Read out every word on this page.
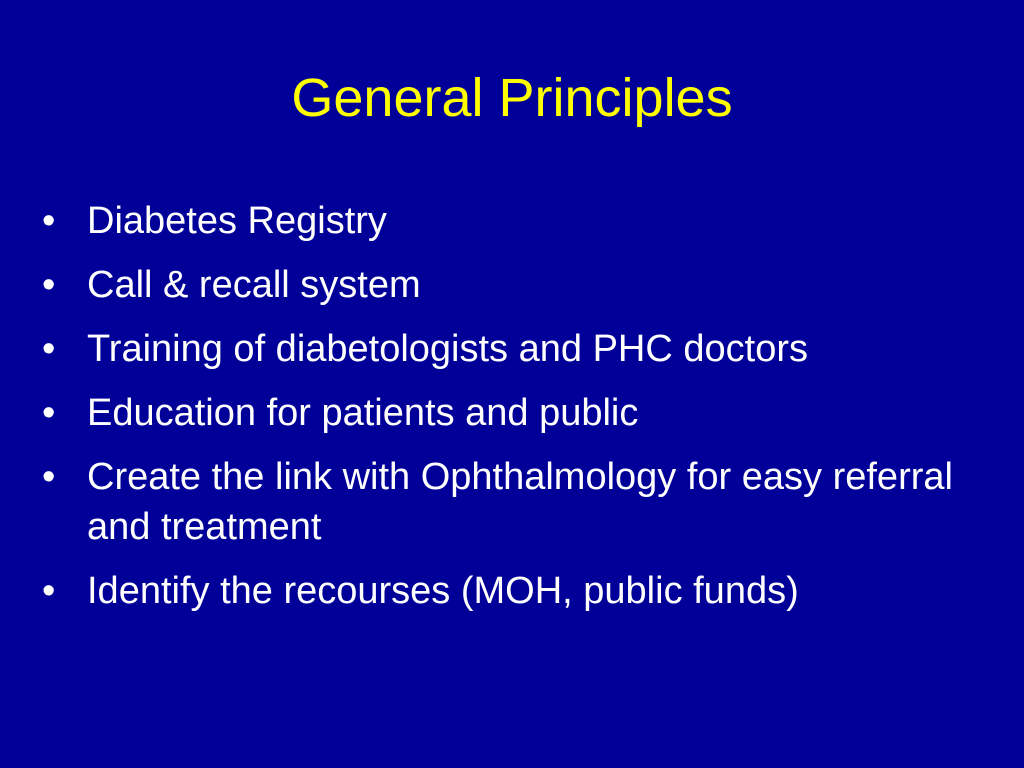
General Principles
• Diabetes Registry
• Call & recall system
• Training of diabetologists and PHC doctors
• Education for patients and public
• Create the link with Ophthalmology for easy referral and treatment
• Identify the recourses (MOH, public funds)
